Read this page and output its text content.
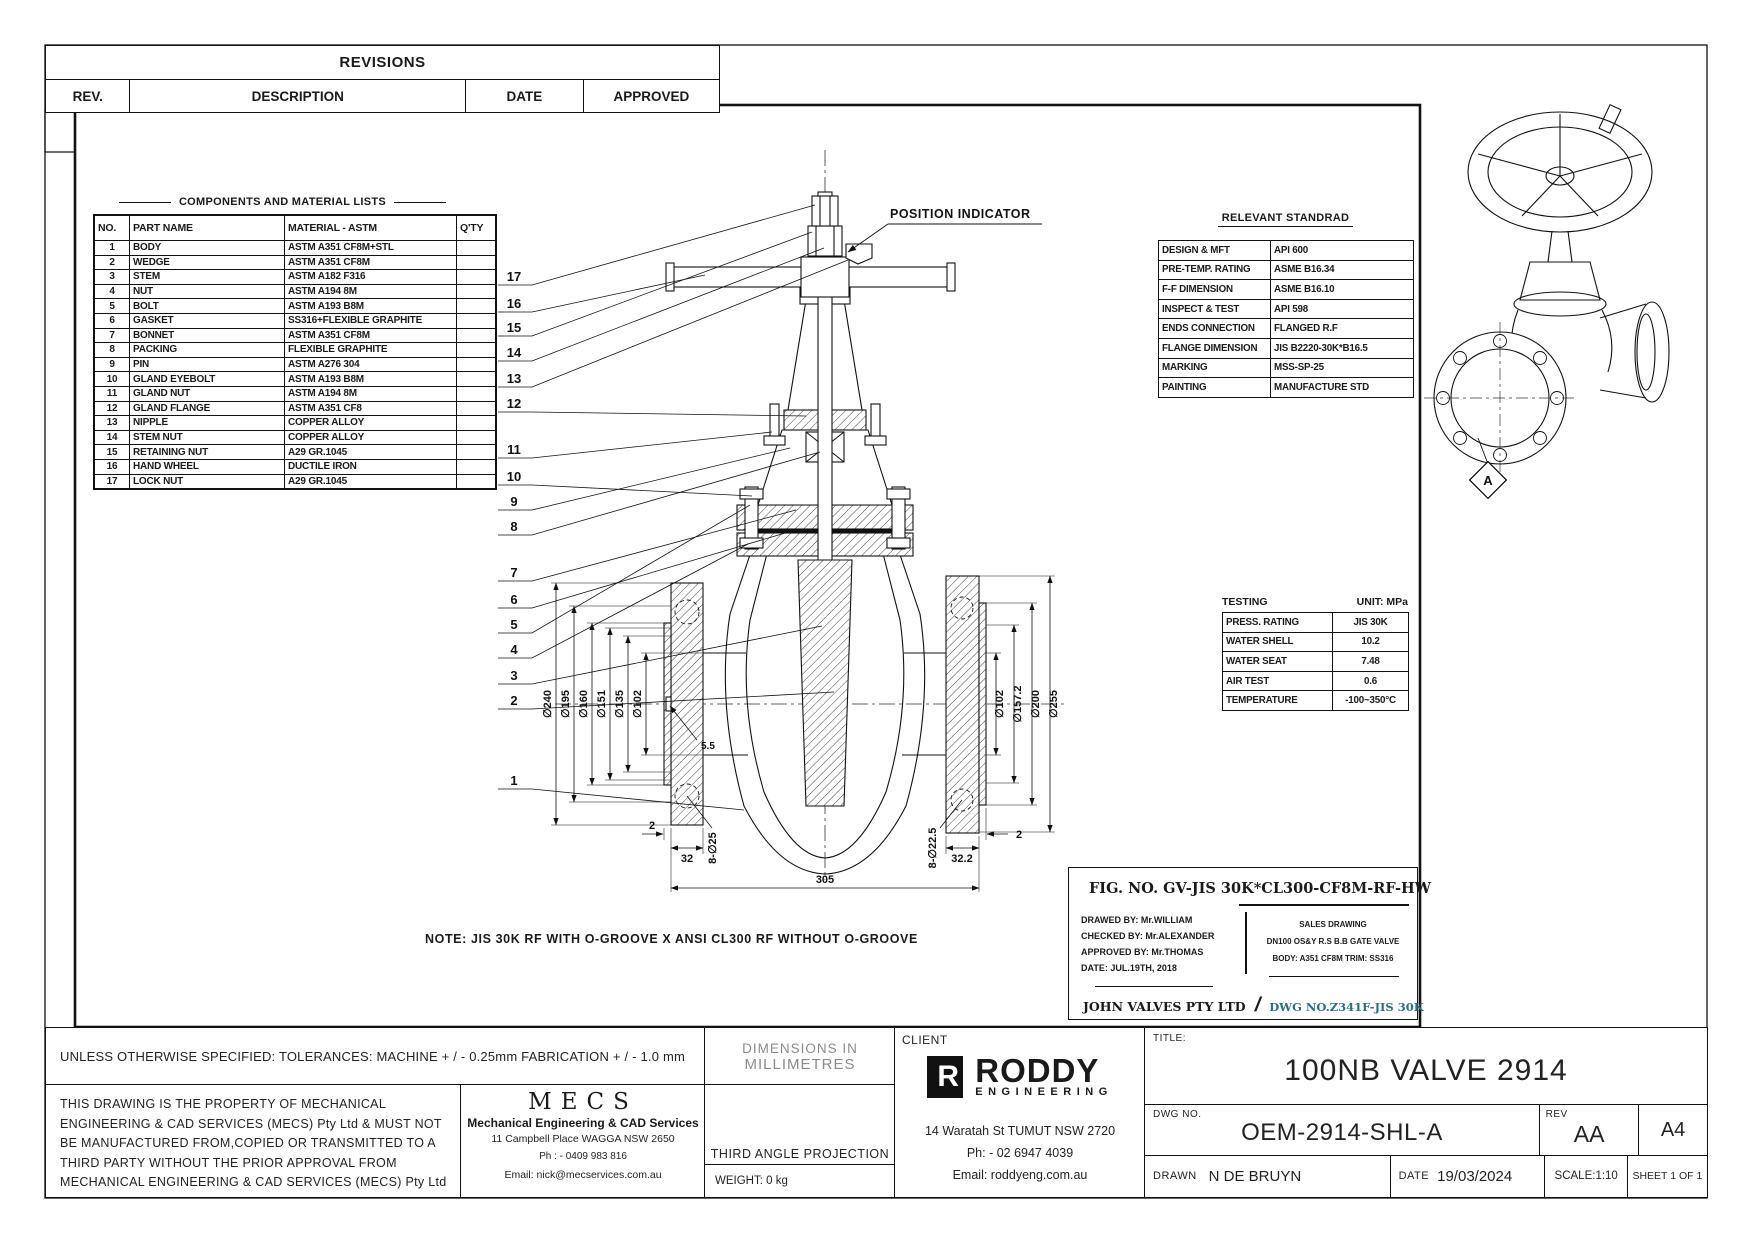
17
16
15
14
13
12
11
10
9
8
7
6
5
4
3
2
1
∅240 ∅195 ∅160 ∅151 ∅135 ∅102	∅102 ∅157.2 ∅200 ∅255
2
32 8-∅25
305
8-∅22.5 32.2
2
5.5
POSITION INDICATOR
A
REVISIONS
REV.	DESCRIPTION	DATE	APPROVED
COMPONENTS AND MATERIAL LISTS
NO.	PART NAME	MATERIAL - ASTM	Q'TY
1	BODY	ASTM A351 CF8M+STL	
2	WEDGE	ASTM A351 CF8M	
3	STEM	ASTM A182 F316	
4	NUT	ASTM A194 8M	
5	BOLT	ASTM A193 B8M	
6	GASKET	SS316+FLEXIBLE GRAPHITE	
7	BONNET	ASTM A351 CF8M	
8	PACKING	FLEXIBLE GRAPHITE	
9	PIN	ASTM A276 304	
10	GLAND EYEBOLT	ASTM A193 B8M	
11	GLAND NUT	ASTM A194 8M	
12	GLAND FLANGE	ASTM A351 CF8	
13	NIPPLE	COPPER ALLOY	
14	STEM NUT	COPPER ALLOY	
15	RETAINING NUT	A29 GR.1045	
16	HAND WHEEL	DUCTILE IRON	
17	LOCK NUT	A29 GR.1045	
RELEVANT STANDRAD
DESIGN & MFT	API 600
PRE-TEMP. RATING	ASME B16.34
F-F DIMENSION	ASME B16.10
INSPECT & TEST	API 598
ENDS CONNECTION	FLANGED R.F
FLANGE DIMENSION	JIS B2220-30K*B16.5
MARKING	MSS-SP-25
PAINTING	MANUFACTURE STD
TESTING	UNIT: MPa
PRESS. RATING	JIS 30K
WATER SHELL	10.2
WATER SEAT	7.48
AIR TEST	0.6
TEMPERATURE	-100~350°C
FIG. NO. GV-JIS 30K*CL300-CF8M-RF-HW
DRAWED BY: Mr.WILLIAM
CHECKED BY: Mr.ALEXANDER
APPROVED BY: Mr.THOMAS
DATE: JUL.19TH, 2018
SALES DRAWING
DN100 OS&Y R.S B.B GATE VALVE
BODY: A351 CF8M TRIM: SS316
JOHN VALVES PTY LTD / DWG NO.Z341F-JIS 30K
NOTE: JIS 30K RF WITH O-GROOVE X ANSI CL300 RF WITHOUT O-GROOVE
UNLESS OTHERWISE SPECIFIED: TOLERANCES: MACHINE + / - 0.25mm FABRICATION + / - 1.0 mm
DIMENSIONS IN
MILLIMETRES
THIS DRAWING IS THE PROPERTY OF MECHANICAL
ENGINEERING & CAD SERVICES (MECS) Pty Ltd & MUST NOT
BE MANUFACTURED FROM,COPIED OR TRANSMITTED TO A
THIRD PARTY WITHOUT THE PRIOR APPROVAL FROM
MECHANICAL ENGINEERING & CAD SERVICES (MECS) Pty Ltd
MECS
Mechanical Engineering & CAD Services
11 Campbell Place WAGGA NSW 2650
Ph : - 0409 983 816
Email: nick@mecservices.com.au
THIRD ANGLE PROJECTION
WEIGHT: 0 kg
CLIENT
R RODDY
ENGINEERING
14 Waratah St TUMUT NSW 2720
Ph: - 02 6947 4039
Email: roddyeng.com.au
TITLE:
100NB VALVE 2914
DWG NO.
OEM-2914-SHL-A
REV
AA	A4
DRAWN N DE BRUYN	DATE 19/03/2024	SCALE:1:10 SHEET 1 OF 1
